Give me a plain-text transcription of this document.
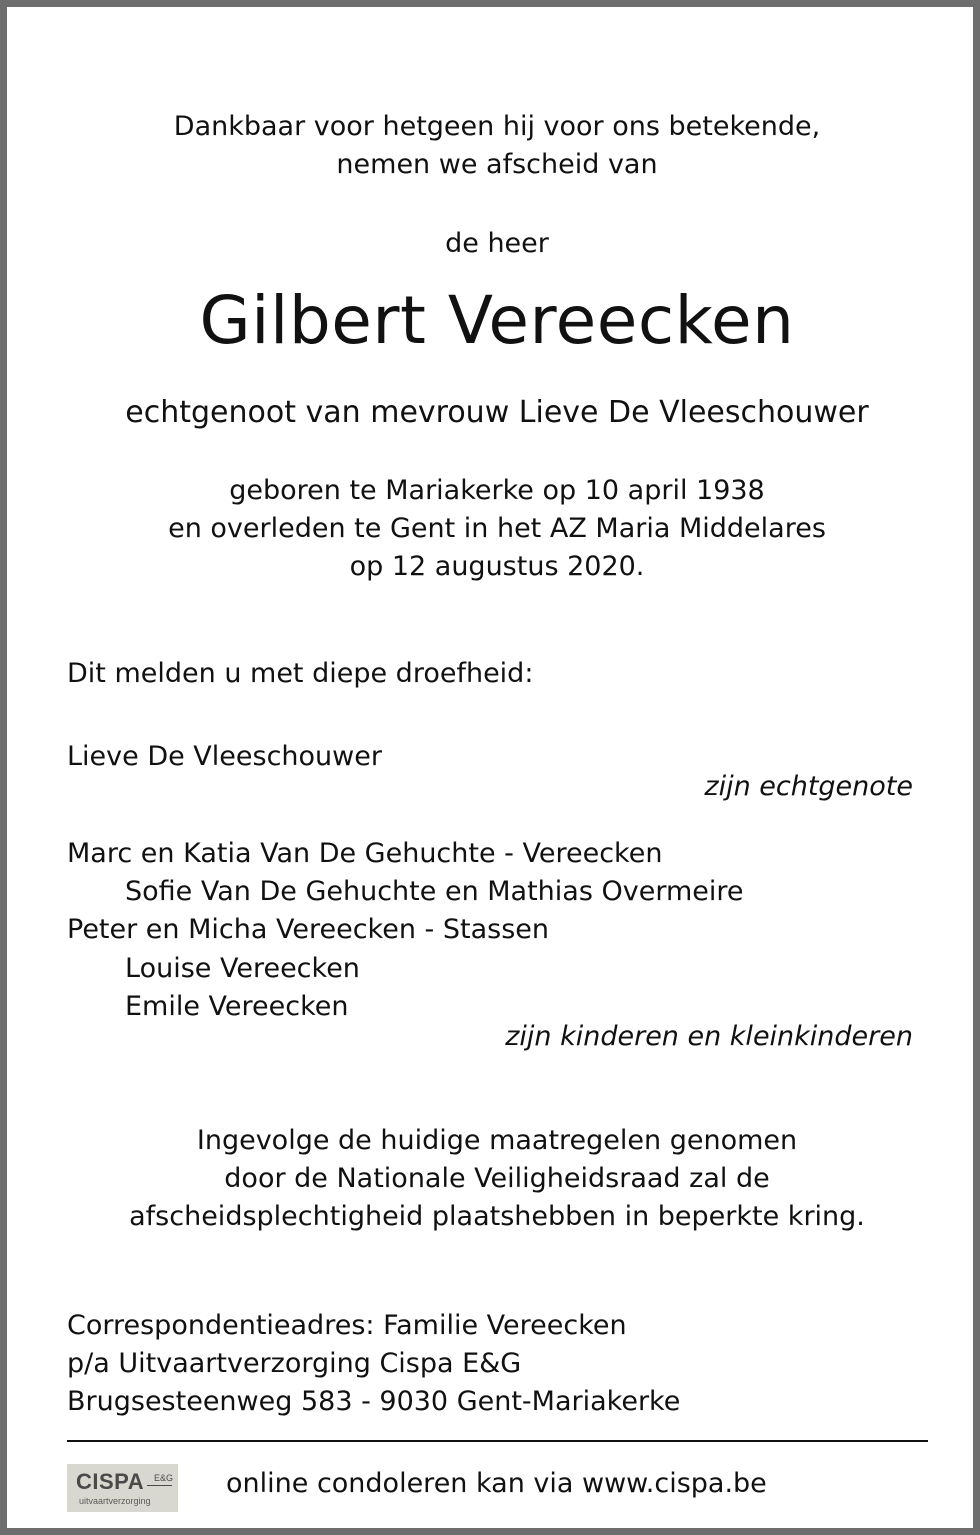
Dankbaar voor hetgeen hij voor ons betekende,
nemen we afscheid van

de heer

Gilbert Vereecken

echtgenoot van mevrouw Lieve De Vleeschouwer

geboren te Mariakerke op 10 april 1938
en overleden te Gent in het AZ Maria Middelares
op 12 augustus 2020.

Dit melden u met diepe droefheid:

Lieve De Vleeschouwer

zijn echtgenote

Marc en Katia Van De Gehuchte - Vereecken

Sofie Van De Gehuchte en Mathias Overmeire

Peter en Micha Vereecken - Stassen

Louise Vereecken

Emile Vereecken

zijn kinderen en kleinkinderen

Ingevolge de huidige maatregelen genomen
door de Nationale Veiligheidsraad zal de
afscheidsplechtigheid plaatshebben in beperkte kring.

Correspondentieadres: Familie Vereecken
p/a Uitvaartverzorging Cispa E&G
Brugsesteenweg 583 - 9030 Gent-Mariakerke

CISPA E&G
uitvaartverzorging

online condoleren kan via www.cispa.be
